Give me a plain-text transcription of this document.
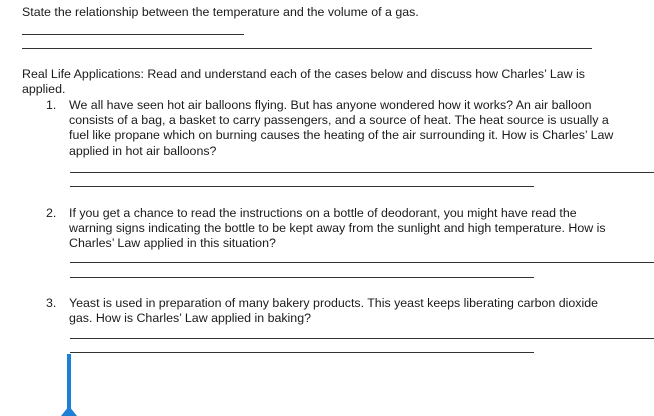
State the relationship between the temperature and the volume of a gas.

Real Life Applications: Read and understand each of the cases below and discuss how Charles’ Law is

applied.

1. We all have seen hot air balloons flying. But has anyone wondered how it works? An air balloon

consists of a bag, a basket to carry passengers, and a source of heat. The heat source is usually a

fuel like propane which on burning causes the heating of the air surrounding it. How is Charles’ Law

applied in hot air balloons?

2. If you get a chance to read the instructions on a bottle of deodorant, you might have read the

warning signs indicating the bottle to be kept away from the sunlight and high temperature. How is

Charles’ Law applied in this situation?

3. Yeast is used in preparation of many bakery products. This yeast keeps liberating carbon dioxide

gas. How is Charles’ Law applied in baking?
